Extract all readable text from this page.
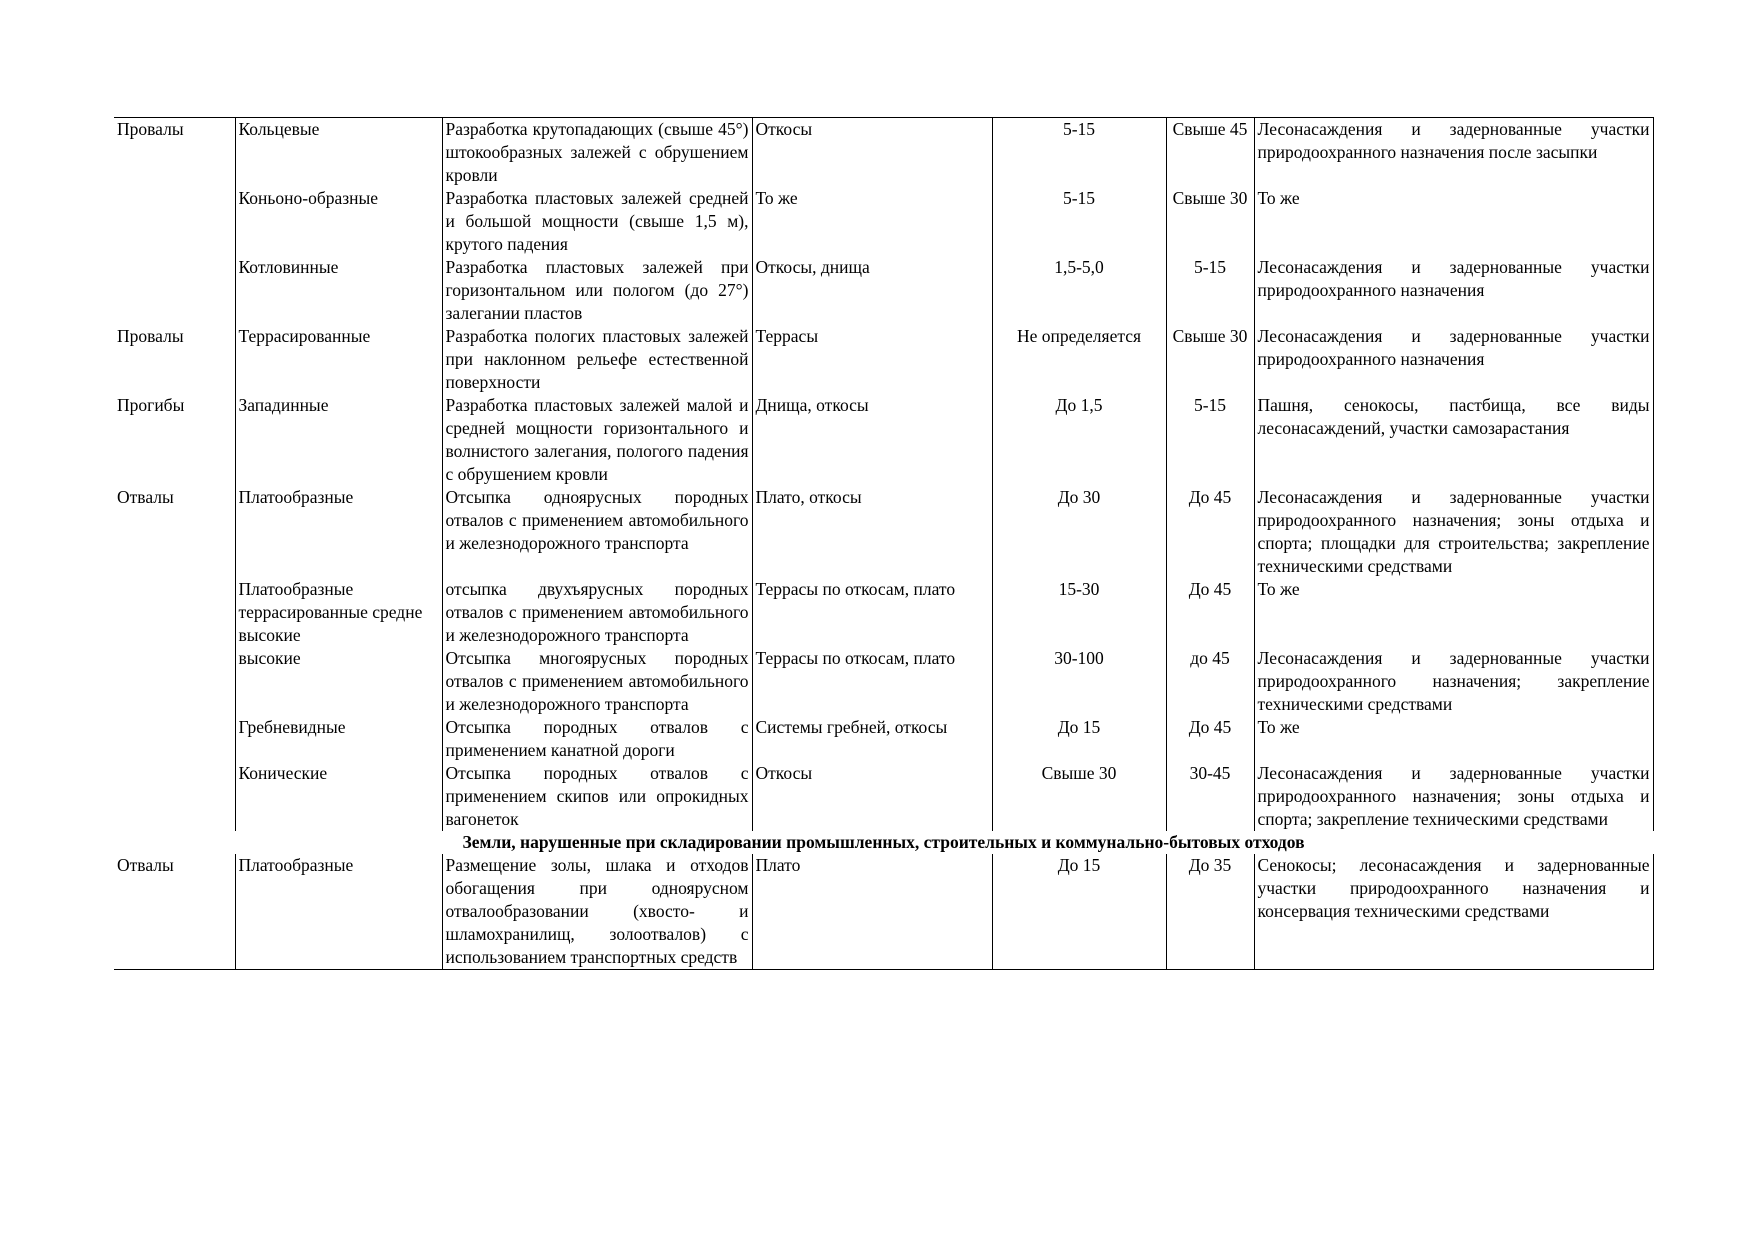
Провалы	Кольцевые	Разработка крутопадающих (свыше 45°) штокообразных залежей с обрушением кровли	Откосы	5-15	Свыше 45	Лесонасаждения и задернованные участки природоохранного назначения после засыпки
	Коньоно-образные	Разработка пластовых залежей средней и большой мощности (свыше 1,5 м), крутого падения	То же	5-15	Свыше 30	То же
	Котловинные	Разработка пластовых залежей при горизонтальном или пологом (до 27°) залегании пластов	Откосы, днища	1,5-5,0	5-15	Лесонасаждения и задернованные участки природоохранного назначения
Провалы	Террасированные	Разработка пологих пластовых залежей при наклонном рельефе естественной поверхности	Террасы	Не определяется	Свыше 30	Лесонасаждения и задернованные участки природоохранного назначения
Прогибы	Западинные	Разработка пластовых залежей малой и средней мощности горизонтального и волнистого залегания, пологого падения с обрушением кровли	Днища, откосы	До 1,5	5-15	Пашня, сенокосы, пастбища, все виды лесонасаждений, участки самозарастания
Отвалы	Платообразные	Отсыпка одноярусных породных отвалов с применением автомобильного и железнодорожного транспорта	Плато, откосы	До 30	До 45	Лесонасаждения и задернованные участки природоохранного назначения; зоны отдыха и спорта; площадки для строительства; закрепление техническими средствами
	Платообразные террасированные средне высокие	отсыпка двухъярусных породных отвалов с применением автомобильного и железнодорожного транспорта	Террасы по откосам, плато	15-30	До 45	То же
	высокие	Отсыпка многоярусных породных отвалов с применением автомобильного и железнодорожного транспорта	Террасы по откосам, плато	30-100	до 45	Лесонасаждения и задернованные участки природоохранного назначения; закрепление техническими средствами
	Гребневидные	Отсыпка породных отвалов с применением канатной дороги	Системы гребней, откосы	До 15	До 45	То же
	Конические	Отсыпка породных отвалов с применением скипов или опрокидных вагонеток	Откосы	Свыше 30	30-45	Лесонасаждения и задернованные участки природоохранного назначения; зоны отдыха и спорта; закрепление техническими средствами
Земли, нарушенные при складировании промышленных, строительных и коммунально-бытовых отходов						
Отвалы	Платообразные	Размещение золы, шлака и отходов обогащения при одноярусном отвалообразовании (хвосто- и шламохранилищ, золоотвалов) с использованием транспортных средств	Плато	До 15	До 35	Сенокосы; лесонасаждения и задернованные участки природоохранного назначения и консервация техническими средствами
